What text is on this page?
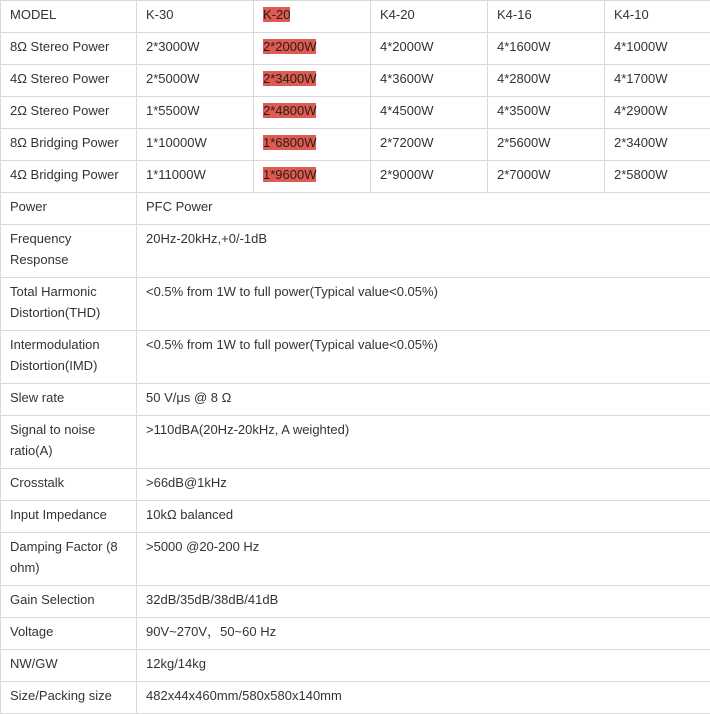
MODEL	K-30	K-20	K4-20	K4-16	K4-10
8Ω Stereo Power	2*3000W	2*2000W	4*2000W	4*1600W	4*1000W
4Ω Stereo Power	2*5000W	2*3400W	4*3600W	4*2800W	4*1700W
2Ω Stereo Power	1*5500W	2*4800W	4*4500W	4*3500W	4*2900W
8Ω Bridging Power	1*10000W	1*6800W	2*7200W	2*5600W	2*3400W
4Ω Bridging Power	1*11000W	1*9600W	2*9000W	2*7000W	2*5800W
Power	PFC Power				
Frequency Response	20Hz-20kHz,+0/-1dB				
Total Harmonic Distortion(THD)	<0.5% from 1W to full power(Typical value<0.05%)				
Intermodulation Distortion(IMD)	<0.5% from 1W to full power(Typical value<0.05%)				
Slew rate	50 V/μs @ 8 Ω				
Signal to noise ratio(A)	>110dBA(20Hz-20kHz, A weighted)				
Crosstalk	>66dB@1kHz				
Input Impedance	10kΩ balanced				
Damping Factor (8 ohm)	>5000 @20-200 Hz				
Gain Selection	32dB/35dB/38dB/41dB				
Voltage	90V~270V，50~60 Hz				
NW/GW	12kg/14kg				
Size/Packing size	482x44x460mm/580x580x140mm				
